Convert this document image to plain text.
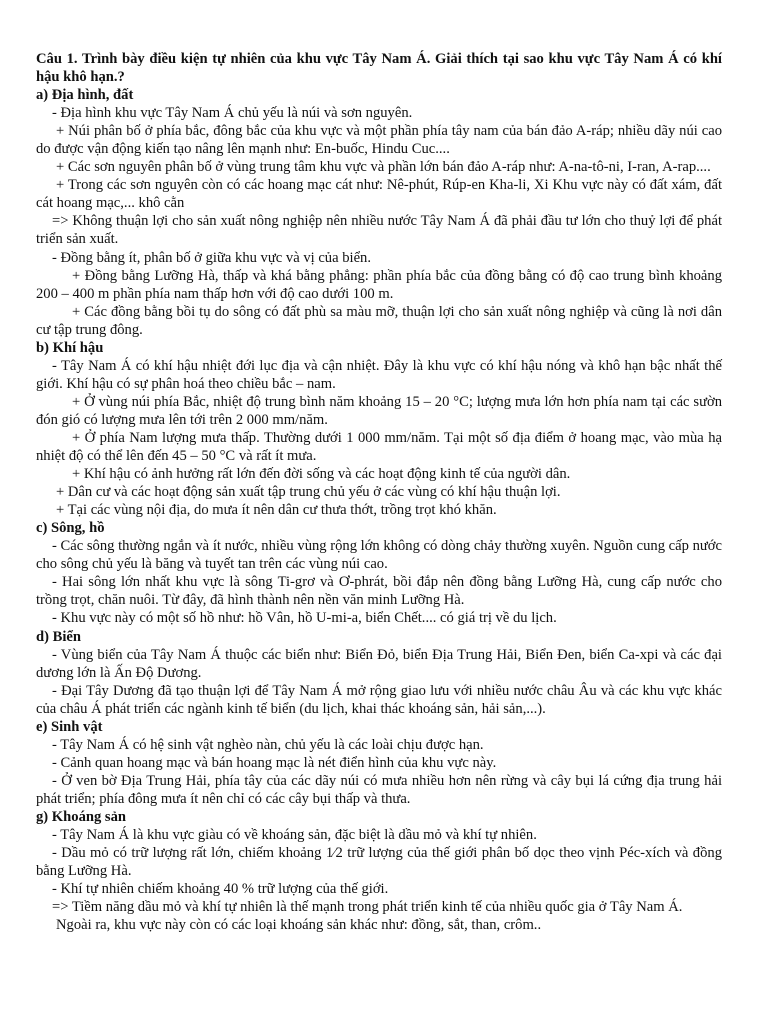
Câu 1. Trình bày điều kiện tự nhiên của khu vực Tây Nam Á. Giải thích tại sao khu vực Tây Nam Á có khí hậu khô hạn.?

a) Địa hình, đất

- Địa hình khu vực Tây Nam Á chủ yếu là núi và sơn nguyên.

+ Núi phân bố ở phía bắc, đông bắc của khu vực và một phần phía tây nam của bán đảo A-ráp; nhiều dãy núi cao do được vận động kiến tạo nâng lên mạnh như: En-buốc, Hindu Cuc....

+ Các sơn nguyên phân bố ở vùng trung tâm khu vực và phần lớn bán đảo A-ráp như: A-na-tô-ni, I-ran, A-rap....

+ Trong các sơn nguyên còn có các hoang mạc cát như: Nê-phút, Rúp-en Kha-li, Xi Khu vực này có đất xám, đất cát hoang mạc,... khô cằn

=> Không thuận lợi cho sản xuất nông nghiệp nên nhiều nước Tây Nam Á đã phải đầu tư lớn cho thuỷ lợi để phát triển sản xuất.

- Đồng bằng ít, phân bố ở giữa khu vực và vị của biển.

+ Đồng bằng Lưỡng Hà, thấp và khá bằng phẳng: phần phía bắc của đồng bằng có độ cao trung bình khoảng 200 – 400 m phần phía nam thấp hơn với độ cao dưới 100 m.

+ Các đồng bằng bồi tụ do sông có đất phù sa màu mỡ, thuận lợi cho sản xuất nông nghiệp và cũng là nơi dân cư tập trung đông.

b) Khí hậu

- Tây Nam Á có khí hậu nhiệt đới lục địa và cận nhiệt. Đây là khu vực có khí hậu nóng và khô hạn bậc nhất thế giới. Khí hậu có sự phân hoá theo chiều bắc – nam.

+ Ở vùng núi phía Bắc, nhiệt độ trung bình năm khoảng 15 – 20 °C; lượng mưa lớn hơn phía nam tại các sườn đón gió có lượng mưa lên tới trên 2 000 mm/năm.

+ Ở phía Nam lượng mưa thấp. Thường dưới 1 000 mm/năm. Tại một số địa điểm ở hoang mạc, vào mùa hạ nhiệt độ có thể lên đến 45 – 50 °C và rất ít mưa.

+ Khí hậu có ảnh hưởng rất lớn đến đời sống và các hoạt động kinh tế của người dân.

+ Dân cư và các hoạt động sản xuất tập trung chủ yếu ở các vùng có khí hậu thuận lợi.

+ Tại các vùng nội địa, do mưa ít nên dân cư thưa thớt, trồng trọt khó khăn.

c) Sông, hồ

- Các sông thường ngắn và ít nước, nhiều vùng rộng lớn không có dòng chảy thường xuyên. Nguồn cung cấp nước cho sông chủ yếu là băng và tuyết tan trên các vùng núi cao.

- Hai sông lớn nhất khu vực là sông Ti-grơ và Ơ-phrát, bồi đắp nên đồng bằng Lưỡng Hà, cung cấp nước cho trồng trọt, chăn nuôi. Từ đây, đã hình thành nên nền văn minh Lưỡng Hà.

- Khu vực này có một số hồ như: hồ Vân, hồ U-mi-a, biển Chết.... có giá trị về du lịch.

d) Biển

- Vùng biển của Tây Nam Á thuộc các biển như: Biển Đỏ, biển Địa Trung Hải, Biển Đen, biển Ca-xpi và các đại dương lớn là Ấn Độ Dương.

- Đại Tây Dương đã tạo thuận lợi để Tây Nam Á mở rộng giao lưu với nhiều nước châu Âu và các khu vực khác của châu Á phát triển các ngành kinh tế biển (du lịch, khai thác khoáng sản, hải sản,...).

e) Sinh vật

- Tây Nam Á có hệ sinh vật nghèo nàn, chủ yếu là các loài chịu được hạn.

- Cảnh quan hoang mạc và bán hoang mạc là nét điển hình của khu vực này.

- Ở ven bờ Địa Trung Hải, phía tây của các dãy núi có mưa nhiều hơn nên rừng và cây bụi lá cứng địa trung hải phát triển; phía đông mưa ít nên chỉ có các cây bụi thấp và thưa.

g) Khoáng sản

- Tây Nam Á là khu vực giàu có về khoáng sản, đặc biệt là dầu mỏ và khí tự nhiên.

- Dầu mỏ có trữ lượng rất lớn, chiếm khoảng 1⁄2 trữ lượng của thế giới phân bố dọc theo vịnh Péc-xích và đồng bằng Lưỡng Hà.

- Khí tự nhiên chiếm khoảng 40 % trữ lượng của thế giới.

=> Tiềm năng dầu mỏ và khí tự nhiên là thế mạnh trong phát triển kinh tế của nhiều quốc gia ở Tây Nam Á.

Ngoài ra, khu vực này còn có các loại khoáng sản khác như: đồng, sắt, than, crôm..
